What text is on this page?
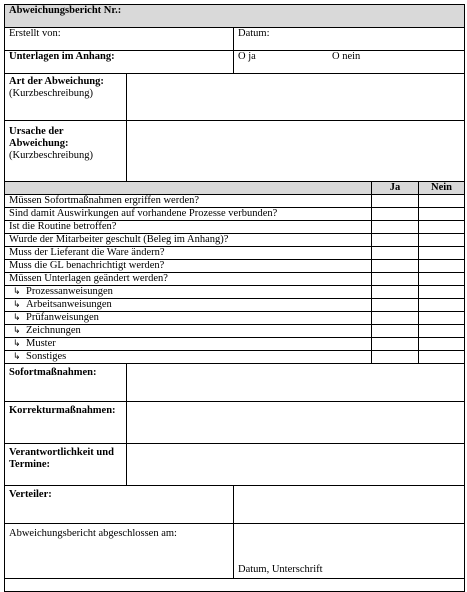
Abweichungsbericht Nr.:				
Erstellt von:		Datum:		
Unterlagen im Anhang:		O ja O nein		

Art der Abweichung:
(Kurzbeschreibung)				

Ursache der
Abweichung:
(Kurzbeschreibung)				

			Ja	Nein
Müssen Sofortmaßnahmen ergriffen werden?				
Sind damit Auswirkungen auf vorhandene Prozesse verbunden?				
Ist die Routine betroffen?				
Wurde der Mitarbeiter geschult (Beleg im Anhang)?				
Muss der Lieferant die Ware ändern?				
Muss die GL benachrichtigt werden?				
Müssen Unterlagen geändert werden?				
↳ Prozessanweisungen				
↳ Arbeitsanweisungen				
↳ Prüfanweisungen				
↳ Zeichnungen				
↳ Muster				
↳ Sonstiges				
Sofortmaßnahmen:				
Korrekturmaßnahmen:				

Verantwortlichkeit und
Termine:				

Verteiler:				
Abweichungsbericht abgeschlossen am:		Datum, Unterschrift		
